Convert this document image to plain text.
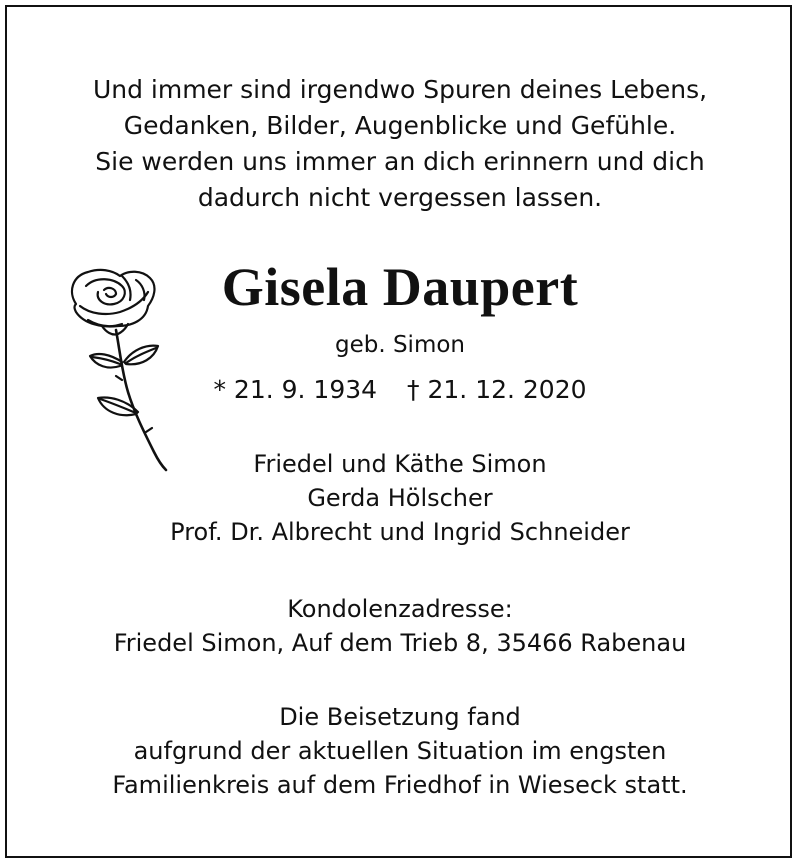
Und immer sind irgendwo Spuren deines Lebens,
Gedanken, Bilder, Augenblicke und Gefühle.
Sie werden uns immer an dich erinnern und dich
dadurch nicht vergessen lassen.
Gisela Daupert
geb. Simon
* 21. 9. 1934 † 21. 12. 2020
Friedel und Käthe Simon
Gerda Hölscher
Prof. Dr. Albrecht und Ingrid Schneider
Kondolenzadresse:
Friedel Simon, Auf dem Trieb 8, 35466 Rabenau
Die Beisetzung fand
aufgrund der aktuellen Situation im engsten
Familienkreis auf dem Friedhof in Wieseck statt.
